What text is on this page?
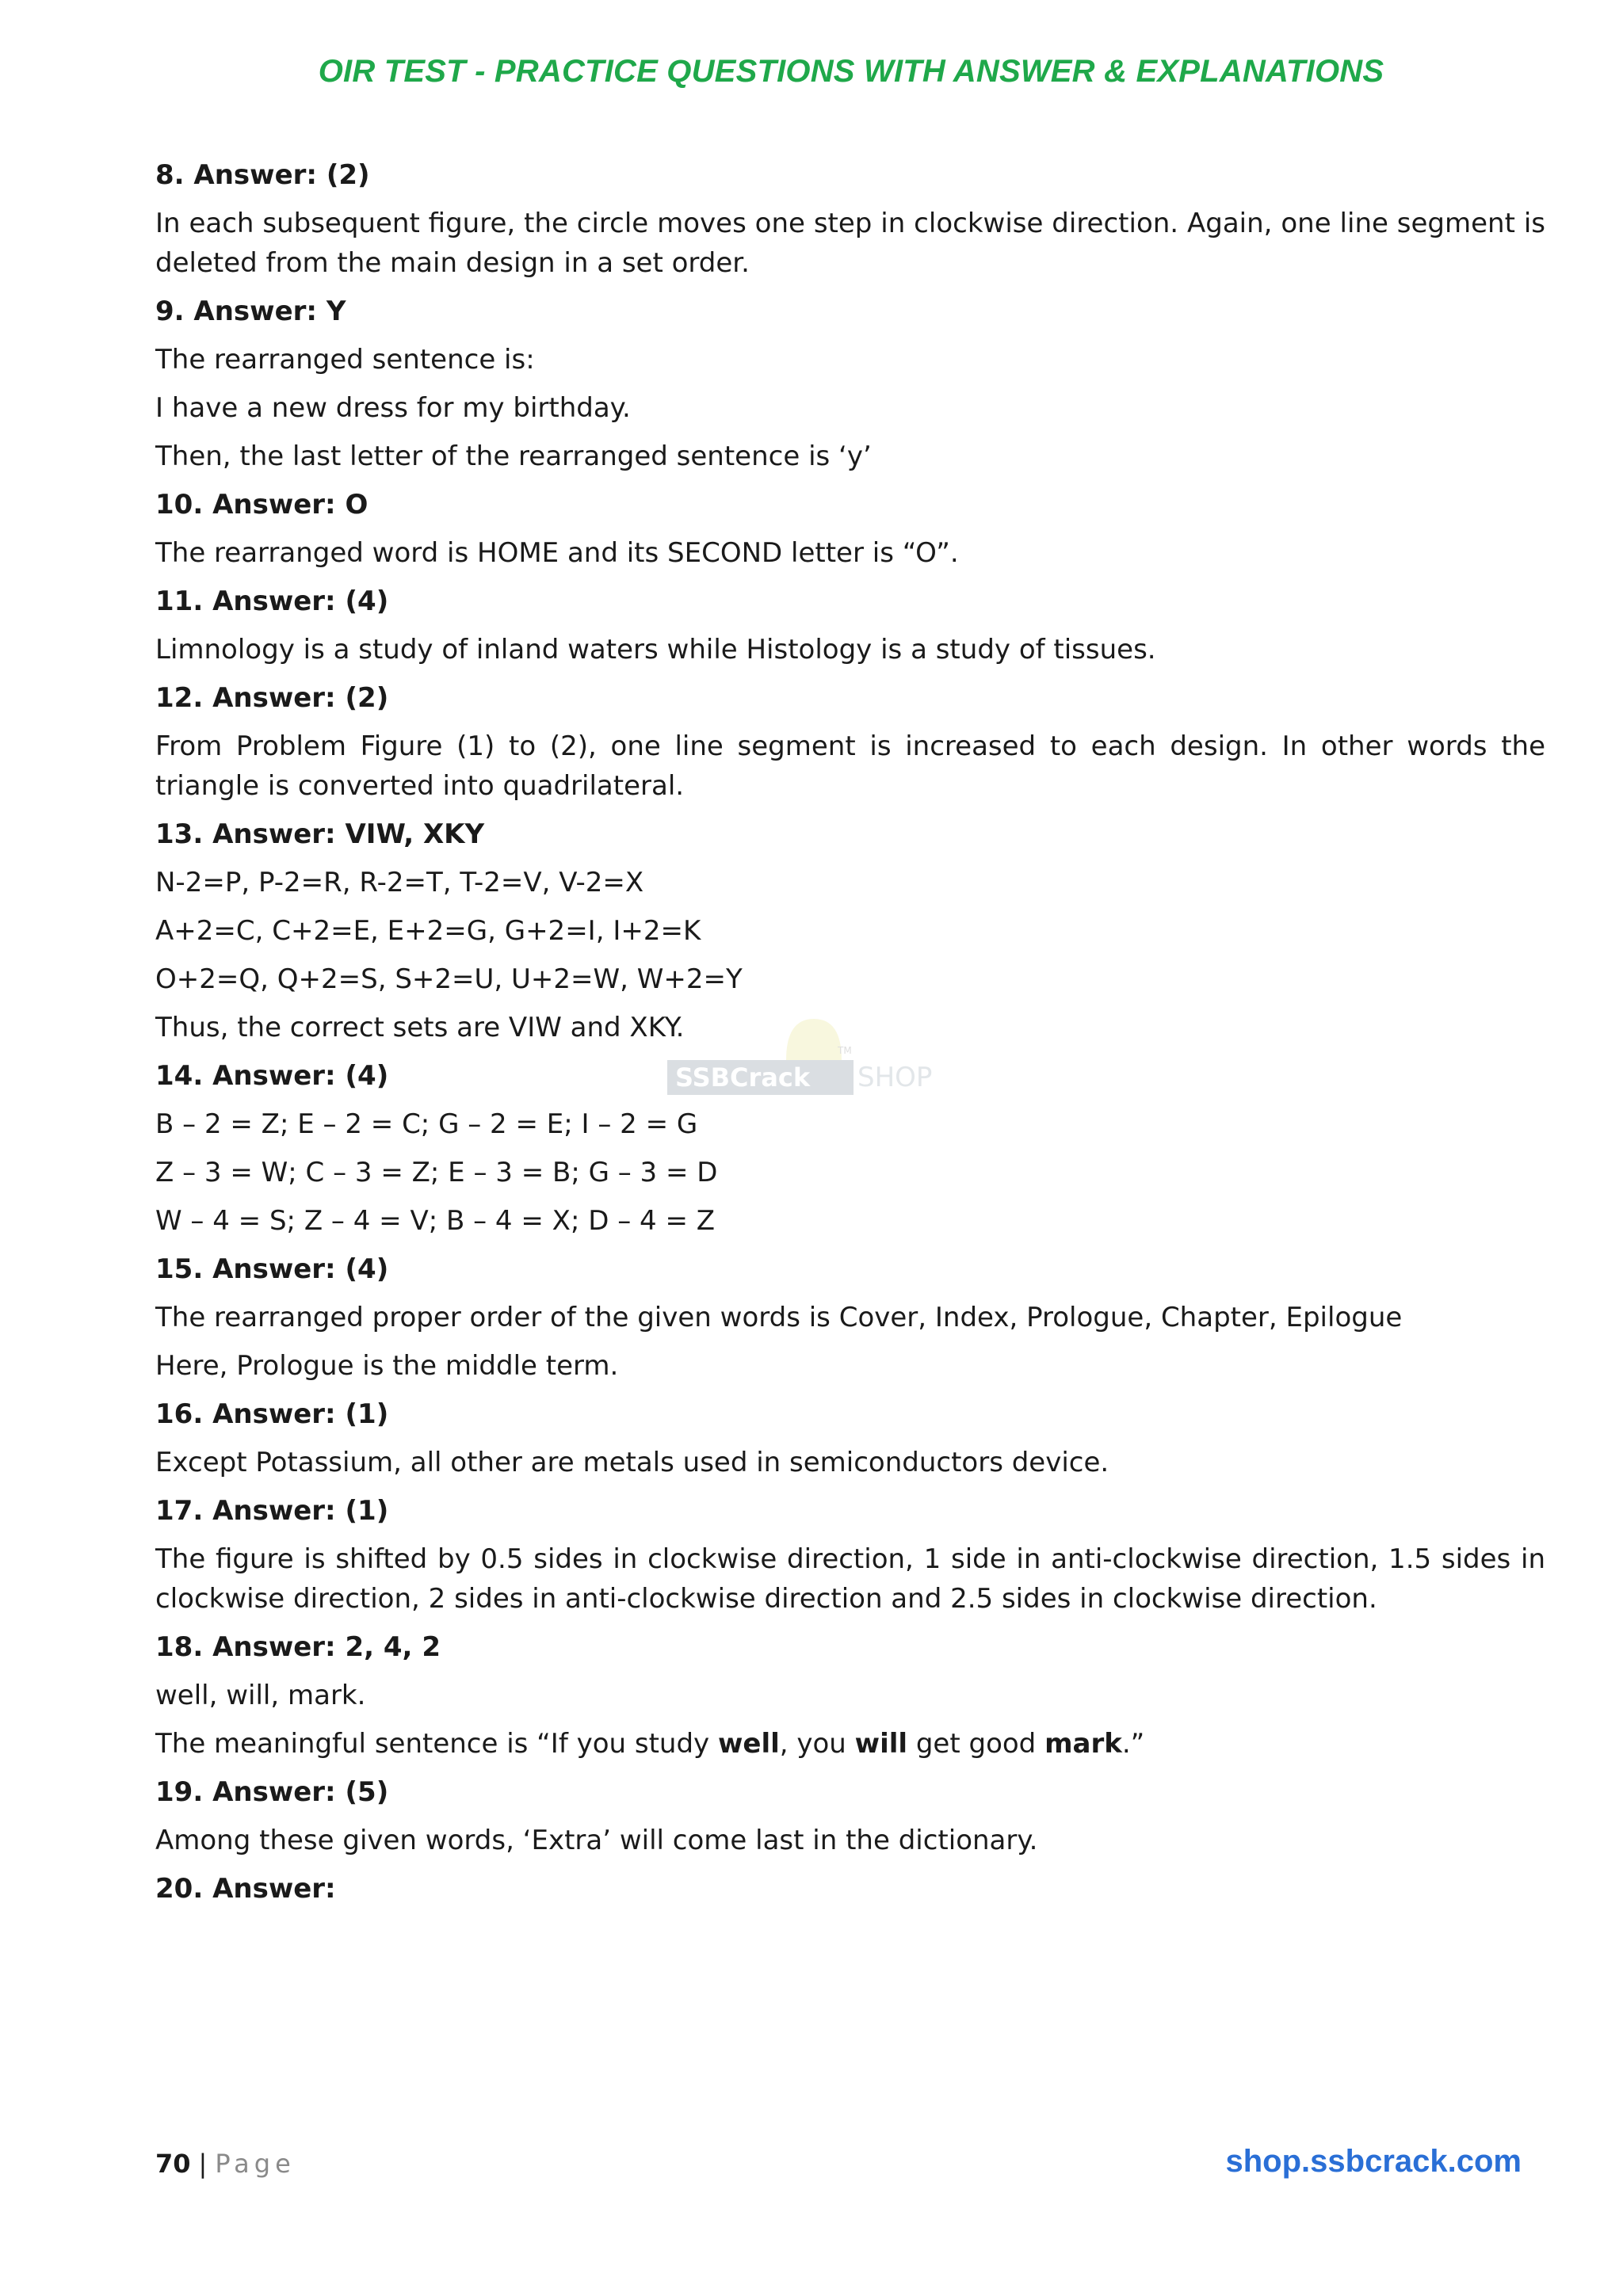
OIR TEST - PRACTICE QUESTIONS WITH ANSWER & EXPLANATIONS
8. Answer: (2)
In each subsequent figure, the circle moves one step in clockwise direction. Again, one line segment is deleted from the main design in a set order.
9. Answer: Y
The rearranged sentence is:
I have a new dress for my birthday.
Then, the last letter of the rearranged sentence is ‘y’
10. Answer: O
The rearranged word is HOME and its SECOND letter is “O”.
11. Answer: (4)
Limnology is a study of inland waters while Histology is a study of tissues.
12. Answer: (2)
From Problem Figure (1) to (2), one line segment is increased to each design. In other words the triangle is converted into quadrilateral.
13. Answer: VIW, XKY
N-2=P, P-2=R, R-2=T, T-2=V, V-2=X
A+2=C, C+2=E, E+2=G, G+2=I, I+2=K
O+2=Q, Q+2=S, S+2=U, U+2=W, W+2=Y
Thus, the correct sets are VIW and XKY.
14. Answer: (4)
B – 2 = Z; E – 2 = C; G – 2 = E; I – 2 = G
Z – 3 = W; C – 3 = Z; E – 3 = B; G – 3 = D
W – 4 = S; Z – 4 = V; B – 4 = X; D – 4 = Z
15. Answer: (4)
The rearranged proper order of the given words is Cover, Index, Prologue, Chapter, Epilogue
Here, Prologue is the middle term.
16. Answer: (1)
Except Potassium, all other are metals used in semiconductors device.
17. Answer: (1)
The figure is shifted by 0.5 sides in clockwise direction, 1 side in anti-clockwise direction, 1.5 sides in clockwise direction, 2 sides in anti-clockwise direction and 2.5 sides in clockwise direction.
18. Answer: 2, 4, 2
well, will, mark.
The meaningful sentence is “If you study well, you will get good mark.”
19. Answer: (5)
Among these given words, ‘Extra’ will come last in the dictionary.
20. Answer:
SSBCrack SHOP
TM
70 | Page	shop.ssbcrack.com
